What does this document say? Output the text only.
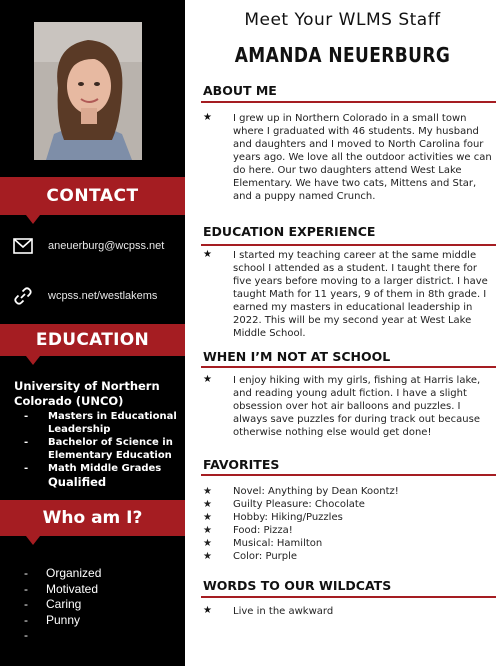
CONTACT
aneuerburg@wcpss.net
wcpss.net/westlakems
EDUCATION
University of Northern Colorado (UNCO)
- Masters in Educational Leadership
- Bachelor of Science in Elementary Education
- Math Middle Grades
Qualified
Who am I?
- Organized
- Motivated
- Caring
- Punny
-
Meet Your WLMS Staff
AMANDA NEUERBURG
ABOUT ME
★ I grew up in Northern Colorado in a small town where I graduated with 46 students. My husband and daughters and I moved to North Carolina four years ago. We love all the outdoor activities we can do here. Our two daughters attend West Lake Elementary. We have two cats, Mittens and Star, and a puppy named Crunch.
EDUCATION EXPERIENCE
★ I started my teaching career at the same middle school I attended as a student. I taught there for five years before moving to a larger district. I have taught Math for 11 years, 9 of them in 8th grade. I earned my masters in educational leadership in 2022. This will be my second year at West Lake Middle School.
WHEN I’M NOT AT SCHOOL
★ I enjoy hiking with my girls, fishing at Harris lake, and reading young adult fiction. I have a slight obsession over hot air balloons and puzzles. I always save puzzles for during track out because otherwise nothing else would get done!
FAVORITES
★ Novel: Anything by Dean Koontz!
★ Guilty Pleasure: Chocolate
★ Hobby: Hiking/Puzzles
★ Food: Pizza!
★ Musical: Hamilton
★ Color: Purple
WORDS TO OUR WILDCATS
★ Live in the awkward
